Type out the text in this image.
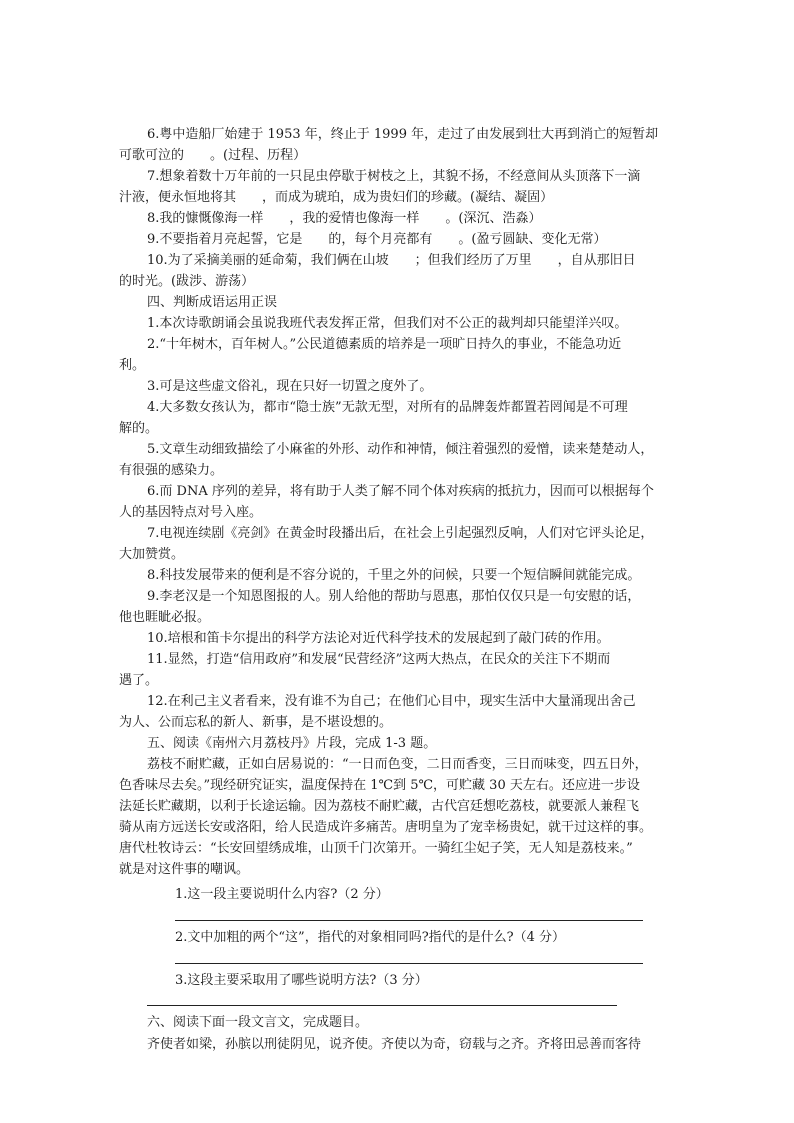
6.粤中造船厂始建于 1953 年，终止于 1999 年，走过了由发展到壮大再到消亡的短暂却
可歌可泣的　　。(过程、历程）
7.想象着数十万年前的一只昆虫停歇于树枝之上，其貌不扬，不经意间从头顶落下一滴
汁液，便永恒地将其　　，而成为琥珀，成为贵妇们的珍藏。(凝结、凝固）
8.我的慷慨像海一样　　，我的爱情也像海一样　　。(深沉、浩淼）
9.不要指着月亮起誓，它是　　的，每个月亮都有　　。(盈亏圆缺、变化无常）
10.为了采摘美丽的延命菊，我们俩在山坡　　；但我们经历了万里　　，自从那旧日
的时光。(跋涉、游荡）
四、判断成语运用正误
1.本次诗歌朗诵会虽说我班代表发挥正常，但我们对不公正的裁判却只能望洋兴叹。
2.“十年树木，百年树人。”公民道德素质的培养是一项旷日持久的事业，不能急功近
利。
3.可是这些虚文俗礼，现在只好一切置之度外了。
4.大多数女孩认为，都市“隐士族”无款无型，对所有的品牌轰炸都置若罔闻是不可理
解的。
5.文章生动细致描绘了小麻雀的外形、动作和神情，倾注着强烈的爱憎，读来楚楚动人，
有很强的感染力。
6.而 DNA 序列的差异，将有助于人类了解不同个体对疾病的抵抗力，因而可以根据每个
人的基因特点对号入座。
7.电视连续剧《亮剑》在黄金时段播出后，在社会上引起强烈反响，人们对它评头论足，
大加赞赏。
8.科技发展带来的便利是不容分说的，千里之外的问候，只要一个短信瞬间就能完成。
9.李老汉是一个知恩图报的人。别人给他的帮助与恩惠，那怕仅仅只是一句安慰的话，
他也睚眦必报。
10.培根和笛卡尔提出的科学方法论对近代科学技术的发展起到了敲门砖的作用。
11.显然，打造“信用政府”和发展“民营经济”这两大热点，在民众的关注下不期而
遇了。
12.在利己主义者看来，没有谁不为自己；在他们心目中，现实生活中大量涌现出舍己
为人、公而忘私的新人、新事，是不堪设想的。
五、阅读《南州六月荔枝丹》片段，完成 1-3 题。
荔枝不耐贮藏，正如白居易说的：“一日而色变，二日而香变，三日而味变，四五日外，
色香味尽去矣。”现经研究证实，温度保持在 1℃到 5℃，可贮藏 30 天左右。还应进一步设
法延长贮藏期，以利于长途运输。因为荔枝不耐贮藏，古代宫廷想吃荔枝，就要派人兼程飞
骑从南方远送长安或洛阳，给人民造成许多痛苦。唐明皇为了宠幸杨贵妃，就干过这样的事。
唐代杜牧诗云：“长安回望绣成堆，山顶千门次第开。一骑红尘妃子笑，无人知是荔枝来。”
就是对这件事的嘲讽。
1.这一段主要说明什么内容?（2 分）
2.文中加粗的两个“这”，指代的对象相同吗?指代的是什么?（4 分）
3.这段主要采取用了哪些说明方法?（3 分）
六、阅读下面一段文言文，完成题目。
齐使者如梁，孙膑以刑徒阴见，说齐使。齐使以为奇，窃载与之齐。齐将田忌善而客待
